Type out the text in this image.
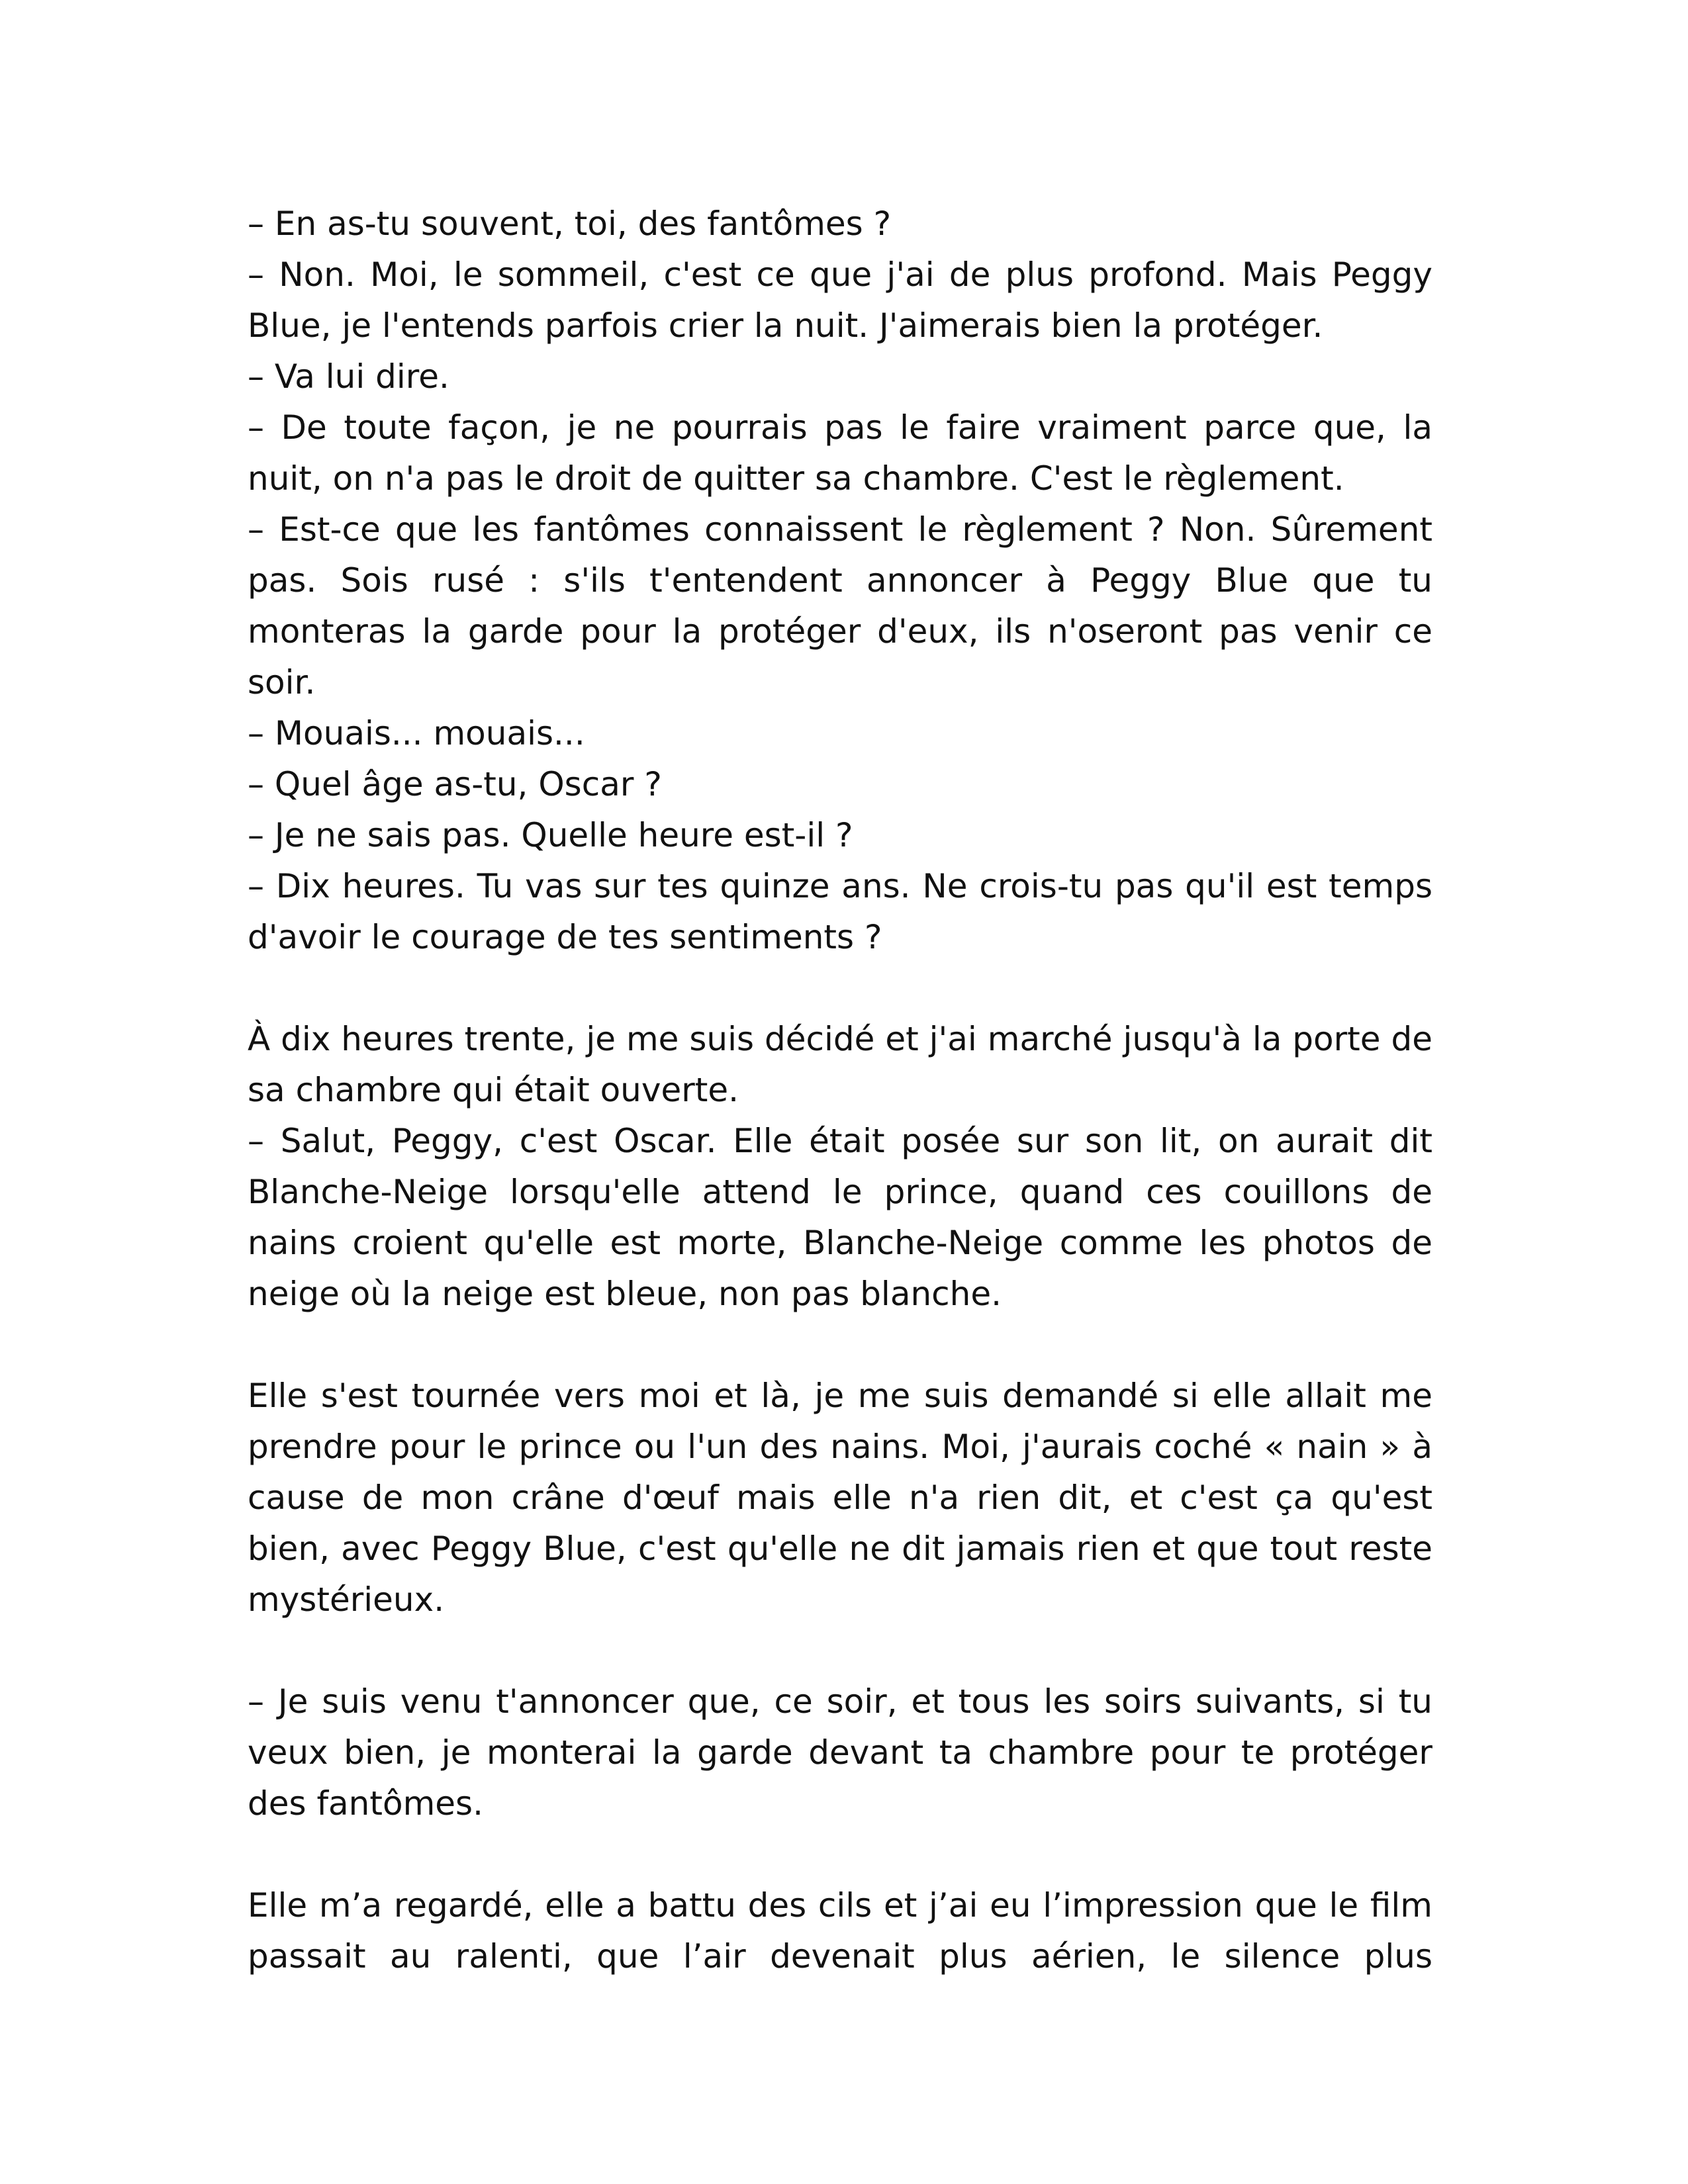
– En as-tu souvent, toi, des fantômes ?

– Non. Moi, le sommeil, c'est ce que j'ai de plus profond. Mais Peggy Blue, je l'entends parfois crier la nuit. J'aimerais bien la protéger.

– Va lui dire.

– De toute façon, je ne pourrais pas le faire vraiment parce que, la nuit, on n'a pas le droit de quitter sa chambre. C'est le règlement.

– Est-ce que les fantômes connaissent le règlement ? Non. Sûrement pas. Sois rusé : s'ils t'entendent annoncer à Peggy Blue que tu monteras la garde pour la protéger d'eux, ils n'oseront pas venir ce soir.

– Mouais... mouais...

– Quel âge as-tu, Oscar ?

– Je ne sais pas. Quelle heure est-il ?

– Dix heures. Tu vas sur tes quinze ans. Ne crois-tu pas qu'il est temps d'avoir le courage de tes sentiments ?

À dix heures trente, je me suis décidé et j'ai marché jusqu'à la porte de sa chambre qui était ouverte.

– Salut, Peggy, c'est Oscar. Elle était posée sur son lit, on aurait dit Blanche-Neige lorsqu'elle attend le prince, quand ces couillons de nains croient qu'elle est morte, Blanche-Neige comme les photos de neige où la neige est bleue, non pas blanche.

Elle s'est tournée vers moi et là, je me suis demandé si elle allait me prendre pour le prince ou l'un des nains. Moi, j'aurais coché « nain » à cause de mon crâne d'œuf mais elle n'a rien dit, et c'est ça qu'est bien, avec Peggy Blue, c'est qu'elle ne dit jamais rien et que tout reste mystérieux.

– Je suis venu t'annoncer que, ce soir, et tous les soirs suivants, si tu veux bien, je monterai la garde devant ta chambre pour te protéger des fantômes.

Elle m’a regardé, elle a battu des cils et j’ai eu l’impression que le film passait au ralenti, que l’air devenait plus aérien, le silence plus
